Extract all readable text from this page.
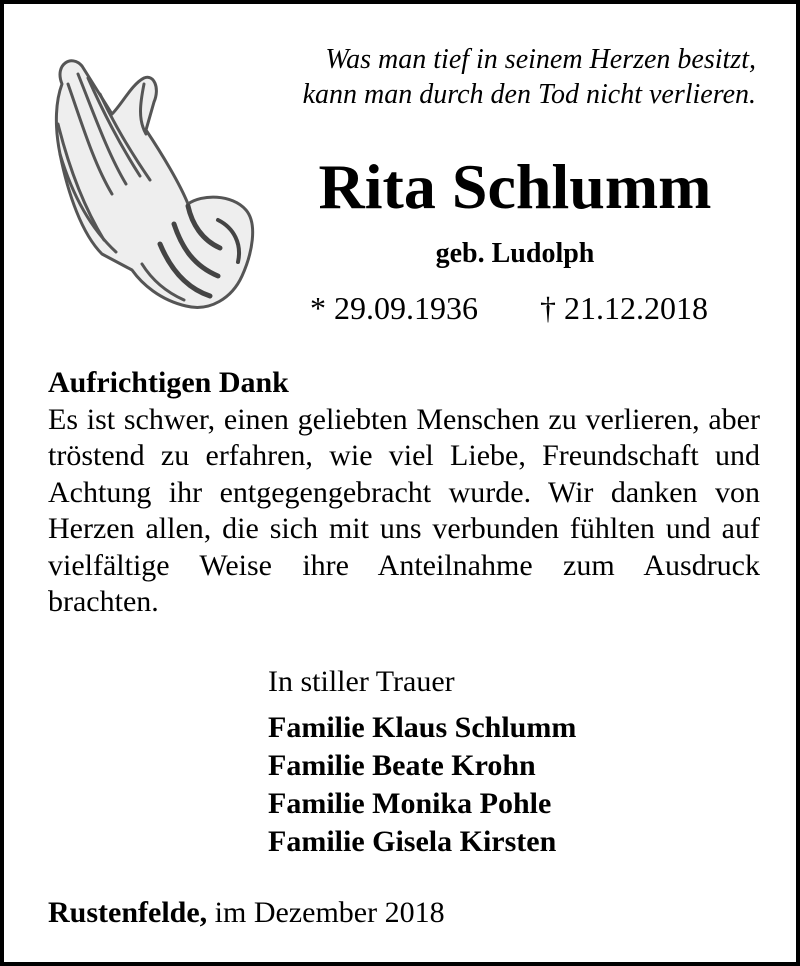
Was man tief in seinem Herzen besitzt,
kann man durch den Tod nicht verlieren.
Rita Schlumm
geb. Ludolph
* 29.09.1936 † 21.12.2018
Aufrichtigen Dank
Es ist schwer, einen geliebten Menschen zu verlieren, aber tröstend zu erfahren, wie viel Liebe, Freundschaft und Achtung ihr entgegengebracht wurde. Wir danken von Herzen allen, die sich mit uns verbunden fühlten und auf vielfältige Weise ihre Anteilnahme zum Ausdruck brachten.
In stiller Trauer
Familie Klaus Schlumm
Familie Beate Krohn
Familie Monika Pohle
Familie Gisela Kirsten
Rustenfelde, im Dezember 2018
